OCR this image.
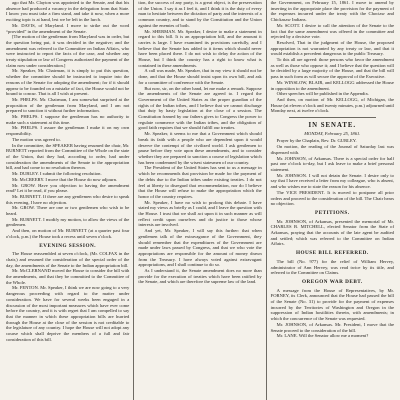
ago that Mr. Clayton was appointed to the Senate, and that his absence had produced a vacancy in the delegation from that State. I know you must take a firm stand, and take it now, when a more exciting topic is at hand, lest we be left in the lurch.

Mr. DAVIS, of Maryland. I move to strike out the word “provided” in the amendment of the Senate.

[The motion of the gentleman from Maryland was in order, but the question being put, it was decided in the negative; and the amendment was referred to the Committee on Indian Affairs, who were instructed to report the facts of the case, and whether any treaty stipulation or law of Congress authorized the payment of the claim now under consideration.]

Mr. Speaker, Mr. Chairman, it is simply to put this question, whether the committee should be instructed to inquire into the reasons of the Senate for adopting the amendment; for if it should appear to be founded on a mistake of fact, the House would not be bound to concur. That is all I wish at present.

Mr. PHELPS. Mr. Chairman, I am somewhat surprised at the proposition of the gentleman from Maryland, and I am not prepared to sanction it without further information.

Mr. PHELPS. I suppose the gentleman has no authority to make such a statement at this time.

Mr. PHELPS. I assure the gentleman I make it on my own responsibility.

The motion was agreed to.

In the committee, the SPEAKER having resumed the chair, Mr. BURNETT reported from the Committee of the Whole on the state of the Union, that they had, according to order, had under consideration the amendments of the Senate to the appropriation bill, and had come to no resolution thereon.

Mr. DUBLEY. I submit the following resolution.

Mr. McCREERY. I move that the House do now adjourn.

Mr. GROW. Have you objection to having the amendment read? Let it be read, if you please.

Mr. BURNETT. If there are any gentlemen who desire to speak this evening, I have no objection.

Mr. GROW. There are one or two gentlemen who wish to be heard.

Mr. BURNETT. I modify my motion, to allow the views of the gentlemen.

And then, on motion of Mr. BURNETT (at a quarter past four o'clock, p.m.) the House took a recess until seven o'clock.

EVENING SESSION.

The House reassembled at seven o'clock, (Mr. COLFAX in the chair,) and resumed the consideration of the special order of the day, the amendments of the Senate to the Indian appropriation bill.

Mr. McCLERNAND moved the House to consider the bill with the amendments, and that they be committed to the Committee of the Whole.

Mr. FENTON. Mr. Speaker, I think we are now going to a very dangerous proceeding with regard to the matter under consideration. We have for several weeks been engaged in a discussion of the most important measures which have ever come before the country, and it is with regret that I am compelled to say that the manner in which these appropriation bills are hurried through the House at the close of the session is not creditable to the legislature of any country. I hope the House will not adopt any course which shall deprive the members of a full and fair consideration of this bill.

tion, the success of any party, is a great object, is the preservation of the Union. I say it as I feel it, and I think it is the duty of every man to hesitate between the dictation of party and the interests of a common country, and to stand by the Constitution and the Union against the enemies of both.

Mr. SHERMAN. Mr. Speaker, I desire to make a statement in regard to this bill. It is an appropriation bill, and the amount it carries is large. I have examined its provisions carefully, and I believe that the Senate has added to it items which should never have been placed there. I do not wish to delay the action of the House, but I think the country has a right to know what is contained in these amendments.

A call was made, Mr. Speaker, that in my view it should not be done, and that the House should insist upon its own bill, and ask for a committee of conference with the Senate.

But now, sir, on the other hand, let me make a remark. Suppose the amendments of the Senate are agreed to. I regard the Government of the United States as the proper guardian of the rights of the Indian tribes, and I believe that we cannot discharge that duty by hasty legislation at the close of a session. The Constitution framed by our fathers gives to Congress the power to regulate commerce with the Indian tribes, and the obligation of good faith requires that we should fulfill our treaties.

Mr. Speaker, it seems to me that a Government which should break its faith with a people who are dependent upon it would deserve the contempt of the civilized world. I ask gentlemen to pause before they vote upon these amendments, and to consider whether they are prepared to sanction a course of legislation which has been condemned by the wisest statesmen of our country.

The President of the United States has sent to us a message in which he recommends that provision be made for the payment of the debts due to the Indian tribes under existing treaties. I do not feel at liberty to disregard that recommendation, nor do I believe that the House will refuse to make the appropriation which the honor of the country requires.

Mr. Speaker, I have no wish to prolong this debate. I have stated my views as briefly as I could, and I leave the question with the House. I trust that we shall act upon it in such manner as will reflect credit upon ourselves and do justice to those whose interests are involved.

And yet, Mr. Speaker, I will say this further: that when gentlemen talk of the extravagance of the Government, they should remember that the expenditures of the Government are made under laws passed by Congress, and that we who vote the appropriations are responsible for the amount of money drawn from the Treasury. I have always voted against extravagant appropriations, and I shall continue to do so.

As I understand it, the Senate amendment does no more than provide for the execution of treaties which have been ratified by the Senate, and which are therefore the supreme law of the land.

the Government, on February 15, 1861. I move to amend by inserting in the appropriate place the provision for the payment of the expenses incurred under the treaty with the Choctaw and Chickasaw Indians.

Mr. SCOTT. I desire to call the attention of the Senate to the fact that the same amendment was offered in the committee and rejected by a decisive vote.

Resolved, That in the judgment of the House, the proposed appropriation is not warranted by any treaty or law, and that it would establish a precedent dangerous to the public Treasury.

To this all are agreed: those persons who favor the amendment as well as those who oppose it; and I believe that the question will be decided by a large majority of the House, and that the bill will pass in such form as will secure the approval of the Executive.

Mr. WINSLOW, BLAIR, and KELLOGG addressed the House in opposition to the amendment.

Other speeches will be published in the Appendix.

And then, on motion of Mr. KELLOGG, of Michigan, the House (at eleven o'clock and twenty minutes, p.m.) adjourned until Monday next, at twelve o'clock.

IN SENATE.
MONDAY, February 25, 1861.

Prayer by the Chaplain, Rev. Dr. GURLEY.

On motion, the reading of the Journal of Saturday last was dispensed with.

Mr. JOHNSON, of Arkansas. There is a special order for half past one o'clock to-day, but I ask leave to make a brief personal statement.

Mr. JOHNSON. I will not detain the Senate. I desire only to say that I have received a letter from my colleague, who is absent, and who wishes me to state the reason for his absence.

The VICE PRESIDENT. It is moved to postpone all prior orders and proceed to the consideration of the bill. The Chair hears no objection.

PETITIONS.

Mr. JOHNSON, of Arkansas, presented the memorial of Mr. CHARLES B. MITCHELL, elected Senator from the State of Arkansas, praying that the accounts of the late agent be audited and settled; which was referred to the Committee on Indian Affairs.

HOUSE BILL REFERRED.

The bill (No. 977) for the relief of William Hervey, administrator of Ann Hervey, was read twice by its title, and referred to the Committee on Claims.

OREGON WAR DEBT.

A message from the House of Representatives, by Mr. FORNEY, its Clerk, announced that the House had passed the bill of the Senate (No. 31) to provide for the payment of expenses incurred by the Territories of Washington and Oregon in the suppression of Indian hostilities therein, with amendments; in which the concurrence of the Senate was requested.

Mr. JOHNSON, of Arkansas. Mr. President, I move that the Senate proceed to the consideration of the bill.

Mr. LANE. Will the Senator allow me a moment?
